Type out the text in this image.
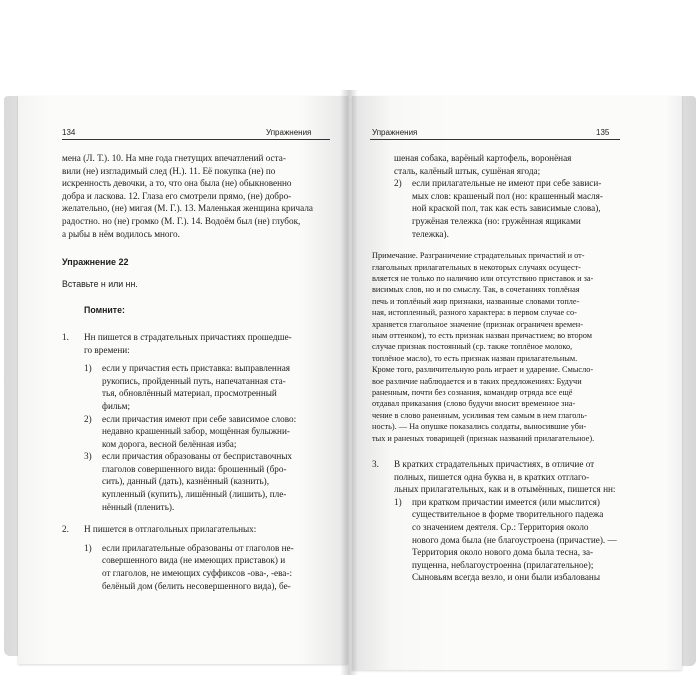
134	Упражнения

мена (Л. Т.). 10. На мне года гнетущих впечатлений оста-

вили (не) изгладимый след (Н.). 11. Её покупка (не) по

искренность девочки, а то, что она была (не) обыкновенно

добра и ласкова. 12. Глаза его смотрели прямо, (не) добро-

желательно, (не) мигая (М. Г.). 13. Маленькая женщина кричала

радостно. но (не) громко (М. Г.). 14. Водоём был (не) глубок,

а рыбы в нём водилось много.

Упражнение 22

Вставьте н или нн.

Помните:

1.	Нн пишется в страдательных причастиях прошедше-

го времени:

1)	если у причастия есть приставка: выправленная

рукопись, пройденный путь, напечатанная ста-

тья, обновлённый материал, просмотренный

фильм;

2)	если причастия имеют при себе зависимое слово:

недавно крашенный забор, мощённая булыжни-

ком дорога, весной белённая изба;

3)	если причастия образованы от бесприставочных

глаголов совершенного вида: брошенный (бро-

сить), данный (дать), казнённый (казнить),

купленный (купить), лишённый (лишить), пле-

нённый (пленить).

2.	Н пишется в отглагольных прилагательных:

1)	если прилагательные образованы от глаголов не-

совершенного вида (не имеющих приставок) и

от глаголов, не имеющих суффиксов -ова-, -ева-:

белёный дом (белить несовершенного вида), бе-

Упражнения	135

шеная собака, варёный картофель, воронёная

сталь, калёный штык, сушёная ягода;

2)	если прилагательные не имеют при себе зависи-

мых слов: крашеный пол (но: крашенный масля-

ной краской пол, так как есть зависимые слова),

гружёная тележка (но: гружённая ящиками

тележка).

Примечание. Разграничение страдательных причастий и от-

глагольных прилагательных в некоторых случаях осущест-

вляется не только по наличию или отсутствию приставок и за-

висимых слов, но и по смыслу. Так, в сочетаниях топлёная

печь и топлёный жир признаки, названные словами топле-

ная, истопленный, разного характера: в первом случае со-

храняется глагольное значение (признак ограничен времен-

ным оттенком), то есть признак назван причастием; во втором

случае признак постоянный (ср. также топлёное молоко,

топлёное масло), то есть признак назван прилагательным.

Кроме того, различительную роль играет и ударение. Смысло-

вое различие наблюдается и в таких предложениях: Будучи

раненным, почти без сознания, командир отряда все ещё

отдавал приказания (слово будучи вносит временное зна-

чение в слово раненным, усиливая тем самым в нем глаголь-

ность). — На опушке показались солдаты, выносившие уби-

тых и раненых товарищей (признак названий прилагательное).

3.	В кратких страдательных причастиях, в отличие от

полных, пишется одна буква н, в кратких отглаго-

льных прилагательных, как и в отымённых, пишется нн:

1)	при кратком причастии имеется (или мыслится)

существительное в форме творительного падежа

со значением деятеля. Ср.: Территория около

нового дома была (не благоустроена (причастие). —

Территория около нового дома была тесна, за-

пущенна, неблагоустроенна (прилагательное);

Сыновьям всегда везло, и они были избалованы
